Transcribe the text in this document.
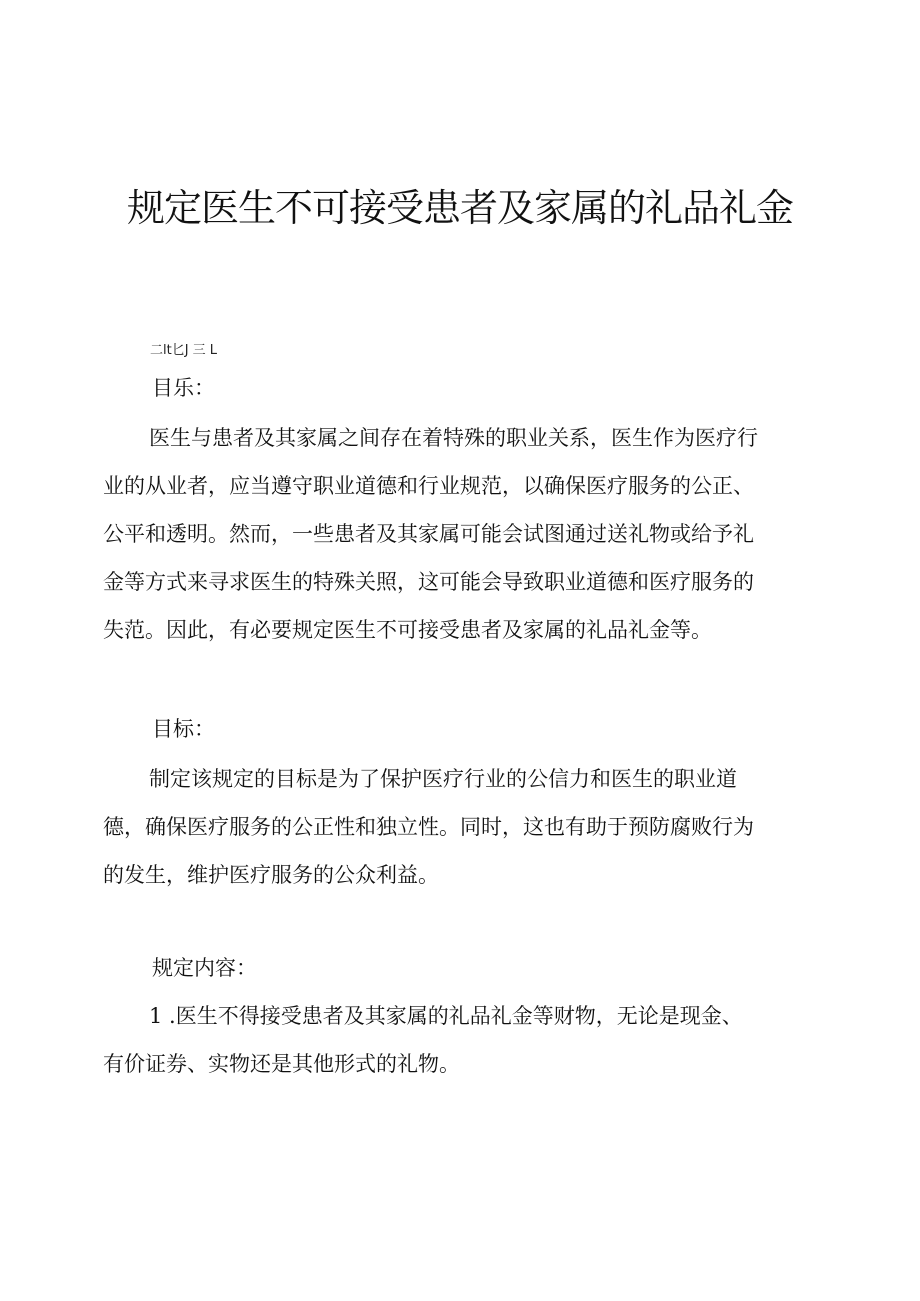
规定医生不可接受患者及家属的礼品礼金
二lt匕J 三 L
目乐：
医生与患者及其家属之间存在着特殊的职业关系，医生作为医疗行
业的从业者，应当遵守职业道德和行业规范，以确保医疗服务的公正、
公平和透明。然而，一些患者及其家属可能会试图通过送礼物或给予礼
金等方式来寻求医生的特殊关照，这可能会导致职业道德和医疗服务的
失范。因此，有必要规定医生不可接受患者及家属的礼品礼金等。
目标：
制定该规定的目标是为了保护医疗行业的公信力和医生的职业道
德，确保医疗服务的公正性和独立性。同时，这也有助于预防腐败行为
的发生，维护医疗服务的公众利益。
规定内容：
1 .医生不得接受患者及其家属的礼品礼金等财物，无论是现金、
有价证券、实物还是其他形式的礼物。
